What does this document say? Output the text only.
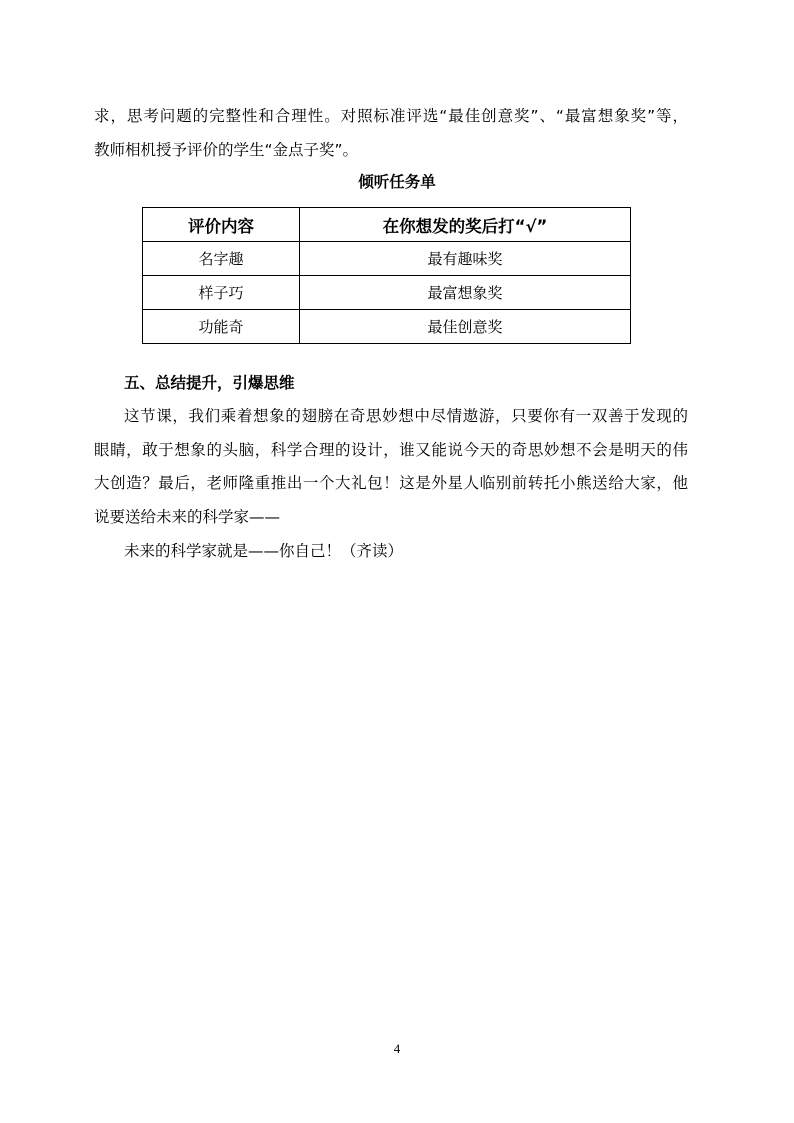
求，思考问题的完整性和合理性。对照标准评选“最佳创意奖”、“最富想象奖”等，
教师相机授予评价的学生“金点子奖”。
倾听任务单
评价内容	在你想发的奖后打“√”
名字趣	最有趣味奖
样子巧	最富想象奖
功能奇	最佳创意奖
五、总结提升，引爆思维
这节课，我们乘着想象的翅膀在奇思妙想中尽情遨游，只要你有一双善于发现的
眼睛，敢于想象的头脑，科学合理的设计，谁又能说今天的奇思妙想不会是明天的伟
大创造？最后，老师隆重推出一个大礼包！这是外星人临别前转托小熊送给大家，他
说要送给未来的科学家——
未来的科学家就是——你自己！（齐读）
4
